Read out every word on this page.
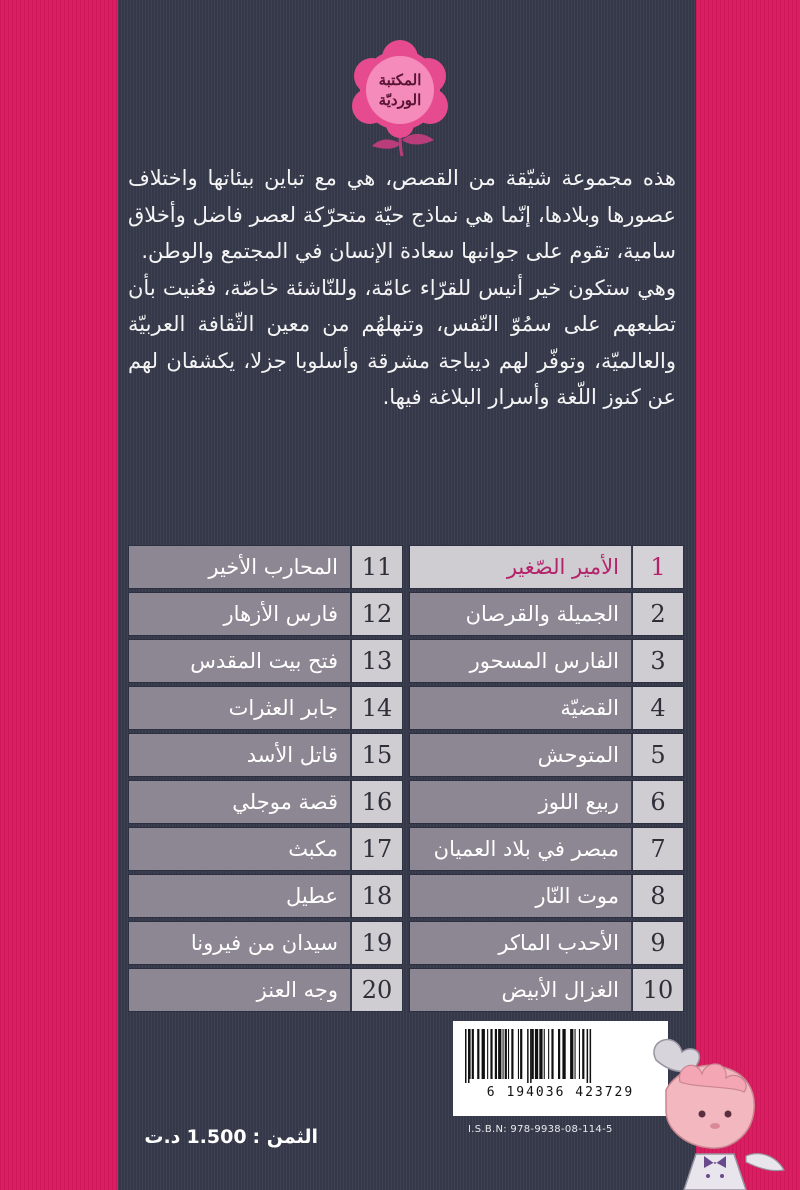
المكتبة
الورديّة

هذه مجموعة شيّقة من القصص، هي مع تباين بيئاتها واختلاف عصورها وبلادها، إنّما هي نماذج حيّة متحرّكة لعصر فاضل وأخلاق سامية، تقوم على جوانبها سعادة الإنسان في المجتمع والوطن.

وهي ستكون خير أنيس للقرّاء عامّة، وللنّاشئة خاصّة، فعُنيت بأن تطبعهم على سمُوّ النّفس، وتنهلهُم من معين الثّقافة العربيّة والعالميّة، وتوفّر لهم ديباجة مشرقة وأسلوبا جزلا، يكشفان لهم عن كنوز اللّغة وأسرار البلاغة فيها.

1
الأمير الصّغير
2
الجميلة والقرصان
3
الفارس المسحور
4
القضيّة
5
المتوحش
6
ربيع اللوز
7
مبصر في بلاد العميان
8
موت النّار
9
الأحدب الماكر
10
الغزال الأبيض
11
المحارب الأخير
12
فارس الأزهار
13
فتح بيت المقدس
14
جابر العثرات
15
قاتل الأسد
16
قصة موجلي
17
مكبث
18
عطيل
19
سيدان من فيرونا
20
وجه العنز
6 194036 423729
I.S.B.N: 978-9938-08-114-5
الثمن :
1.500
د.ت
